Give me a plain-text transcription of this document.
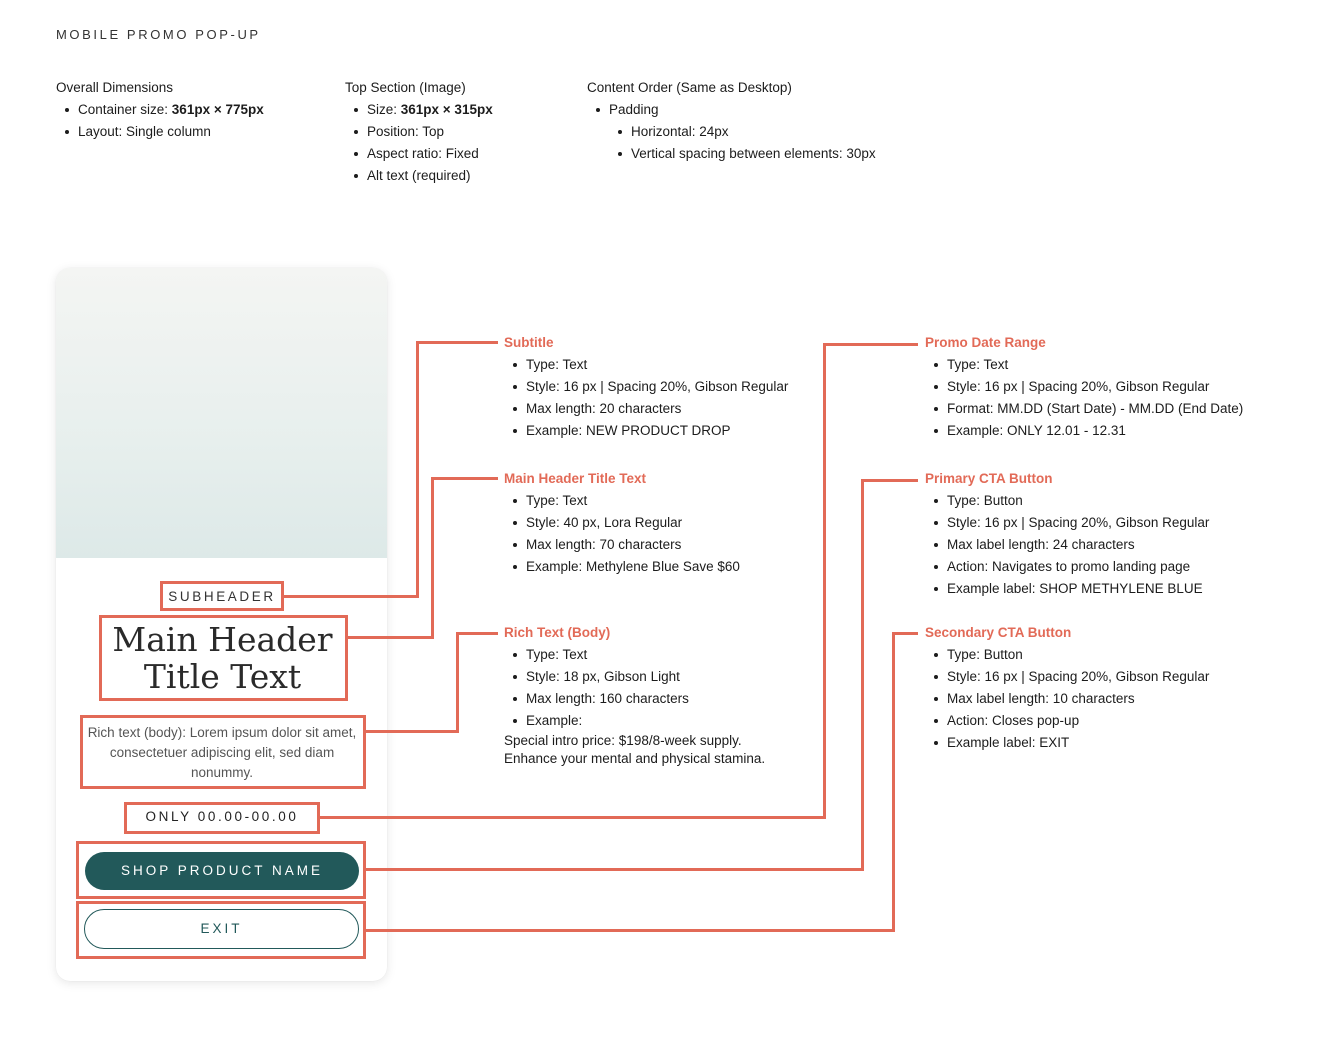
MOBILE PROMO POP-UP
Overall Dimensions
Container size: 361px × 775px
Layout: Single column
Top Section (Image)
Size: 361px × 315px
Position: Top
Aspect ratio: Fixed
Alt text (required)
Content Order (Same as Desktop)
Padding
Horizontal: 24px
Vertical spacing between elements: 30px
SUBHEADER
Main Header
Title Text
Rich text (body): Lorem ipsum dolor sit amet, consectetuer adipiscing elit, sed diam nonummy.
ONLY 00.00-00.00
SHOP PRODUCT NAME
EXIT
Subtitle
Type: Text
Style: 16 px | Spacing 20%, Gibson Regular
Max length: 20 characters
Example: NEW PRODUCT DROP
Main Header Title Text
Type: Text
Style: 40 px, Lora Regular
Max length: 70 characters
Example: Methylene Blue Save $60
Rich Text (Body)
Type: Text
Style: 18 px, Gibson Light
Max length: 160 characters
Example:
Special intro price: $198/8-week supply.
Enhance your mental and physical stamina.
Promo Date Range
Type: Text
Style: 16 px | Spacing 20%, Gibson Regular
Format: MM.DD (Start Date) - MM.DD (End Date)
Example: ONLY 12.01 - 12.31
Primary CTA Button
Type: Button
Style: 16 px | Spacing 20%, Gibson Regular
Max label length: 24 characters
Action: Navigates to promo landing page
Example label: SHOP METHYLENE BLUE
Secondary CTA Button
Type: Button
Style: 16 px | Spacing 20%, Gibson Regular
Max label length: 10 characters
Action: Closes pop-up
Example label: EXIT
